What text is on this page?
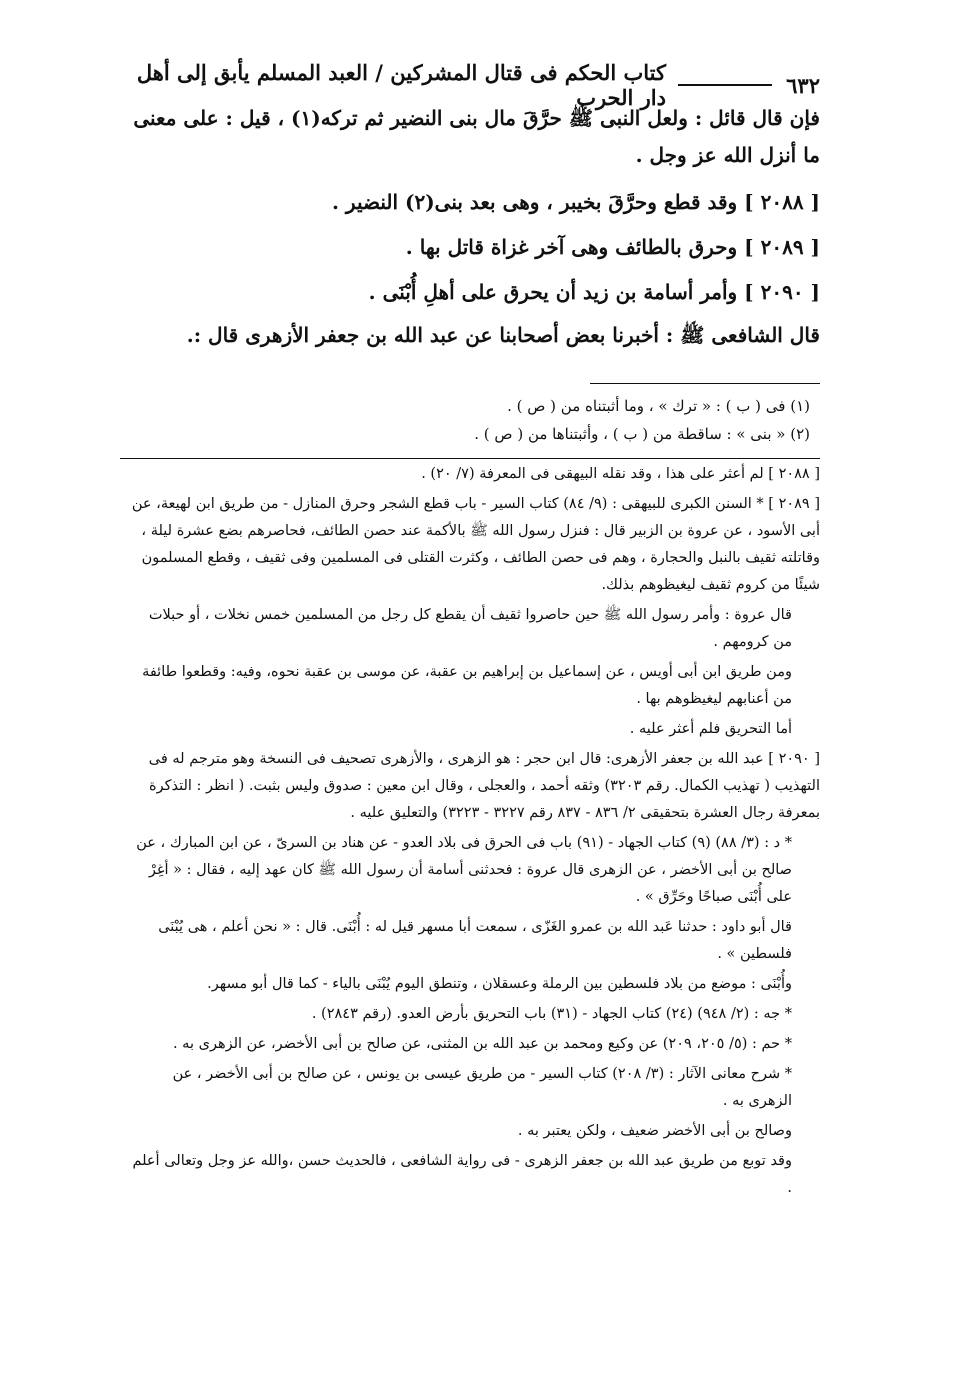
٦٣٢
كتاب الحكم فى قتال المشركين / العبد المسلم يأبق إلى أهل دار الحرب

فإن قال قائل : ولعل النبى ﷺ حرَّقَ مال بنى النضير ثم تركه(١) ، قيل : على معنى ما أنزل الله عز وجل .

[ ٢٠٨٨ ] وقد قطع وحرَّقَ بخيبر ، وهى بعد بنى(٢) النضير .

[ ٢٠٨٩ ] وحرق بالطائف وهى آخر غزاة قاتل بها .

[ ٢٠٩٠ ] وأمر أسامة بن زيد أن يحرق على أهلِ أُبْنَى .

قال الشافعى ﷺ : أخبرنا بعض أصحابنا عن عبد الله بن جعفر الأزهرى قال :.

(١) فى ( ب ) : « ترك » ، وما أثبتناه من ( ص ) .

(٢) « بنى » : ساقطة من ( ب ) ، وأثبتناها من ( ص ) .

[ ٢٠٨٨ ] لم أعثر على هذا ، وقد نقله البيهقى فى المعرفة (٧/ ٢٠) .

[ ٢٠٨٩ ] * السنن الكبرى للبيهقى : (٩/ ٨٤) كتاب السير - باب قطع الشجر وحرق المنازل - من طريق ابن لهيعة، عن أبى الأسود ، عن عروة بن الزبير قال : فنزل رسول الله ﷺ بالأكمة عند حصن الطائف، فحاصرهم بضع عشرة ليلة ، وقاتلته ثقيف بالنبل والحجارة ، وهم فى حصن الطائف ، وكثرت القتلى فى المسلمين وفى ثقيف ، وقطع المسلمون شيئًا من كروم ثقيف ليغيظوهم بذلك.

قال عروة : وأمر رسول الله ﷺ حين حاصروا ثقيف أن يقطع كل رجل من المسلمين خمس نخلات ، أو حبلات من كرومهم .

ومن طريق ابن أبى أويس ، عن إسماعيل بن إبراهيم بن عقبة، عن موسى بن عقبة نحوه، وفيه: وقطعوا طائفة من أعنابهم ليغيظوهم بها .

أما التحريق فلم أعثر عليه .

[ ٢٠٩٠ ] عبد الله بن جعفر الأزهرى: قال ابن حجر : هو الزهرى ، والأزهرى تصحيف فى النسخة وهو مترجم له فى التهذيب ( تهذيب الكمال. رقم ٣٢٠٣) وثقه أحمد ، والعجلى ، وقال ابن معين : صدوق وليس بثبت. ( انظر : التذكرة بمعرفة رجال العشرة بتحقيقى ٢/ ٨٣٦ - ٨٣٧ رقم ٣٢٢٧ - ٣٢٢٣) والتعليق عليه .

* د : (٣/ ٨٨) (٩) كتاب الجهاد - (٩١) باب فى الحرق فى بلاد العدو - عن هناد بن السرىّ ، عن ابن المبارك ، عن صالح بن أبى الأخضر ، عن الزهرى قال عروة : فحدثنى أسامة أن رسول الله ﷺ كان عهد إليه ، فقال : « أغِرْ على أُبْنَى صباحًا وحَرِّق » .

قال أبو داود : حدثنا عَبد الله بن عمرو الغَزّى ، سمعت أبا مسهر قيل له : أُبْنَى. قال : « نحن أعلم ، هى يُبْنَى فلسطين » .

وأُبْنَى : موضع من بلاد فلسطين بين الرملة وعسقلان ، وتنطق اليوم يُبْنَى بالياء - كما قال أبو مسهر.

* جه : (٢/ ٩٤٨) (٢٤) كتاب الجهاد - (٣١) باب التحريق بأرض العدو. (رقم ٢٨٤٣) .

* حم : (٥/ ٢٠٥، ٢٠٩) عن وكيع ومحمد بن عبد الله بن المثنى، عن صالح بن أبى الأخضر، عن الزهرى به .

* شرح معانى الآثار : (٣/ ٢٠٨) كتاب السير - من طريق عيسى بن يونس ، عن صالح بن أبى الأخضر ، عن الزهرى به .

وصالح بن أبى الأخضر ضعيف ، ولكن يعتبر به .

وقد توبع من طريق عبد الله بن جعفر الزهرى - فى رواية الشافعى ، فالحديث حسن ،والله عز وجل وتعالى أعلم .
